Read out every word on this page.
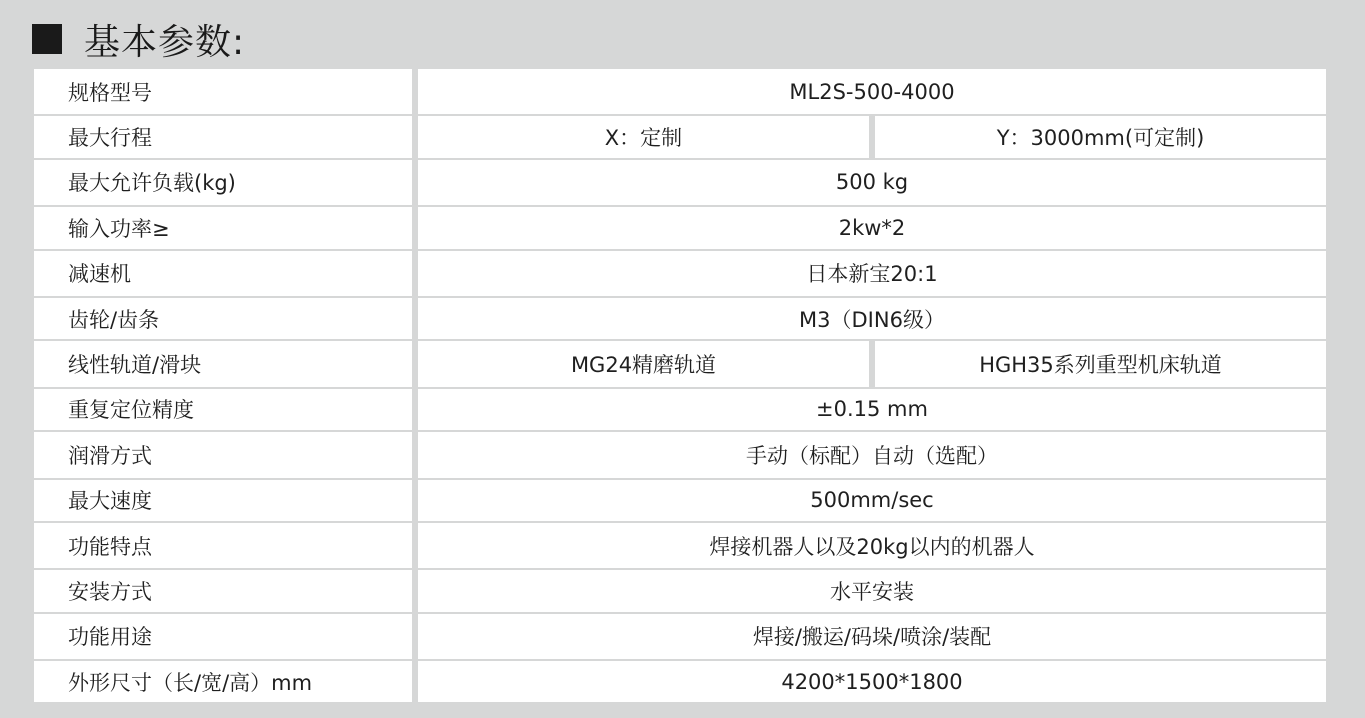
基本参数:
规格型号	ML2S-500-4000
最大行程	X：定制	Y：3000mm(可定制)
最大允许负载(kg)	500 kg
输入功率≥	2kw*2
减速机	日本新宝20:1
齿轮/齿条	M3（DIN6级）
线性轨道/滑块	MG24精磨轨道	HGH35系列重型机床轨道
重复定位精度	±0.15 mm
润滑方式	手动（标配）自动（选配）
最大速度	500mm/sec
功能特点	焊接机器人以及20kg以内的机器人
安装方式	水平安装
功能用途	焊接/搬运/码垛/喷涂/装配
外形尺寸（长/宽/高）mm	4200*1500*1800
